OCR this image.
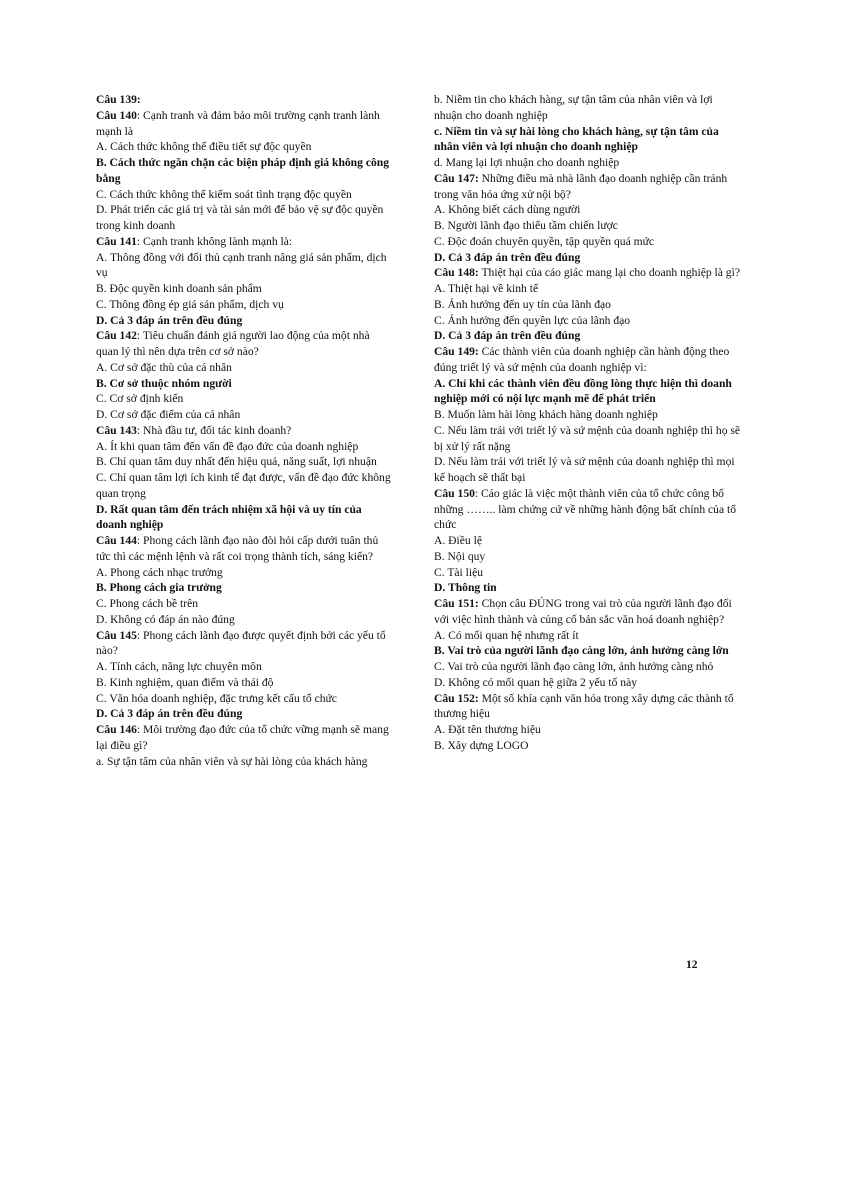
Câu 139:

Câu 140: Cạnh tranh và đảm bảo môi trường cạnh tranh lành mạnh là

A. Cách thức không thể điều tiết sự độc quyền

B. Cách thức ngăn chặn các biện pháp định giá không công bằng

C. Cách thức không thể kiểm soát tình trạng độc quyền

D. Phát triển các giá trị và tài sản mới để bảo vệ sự độc quyền trong kinh doanh

Câu 141: Cạnh tranh không lành mạnh là:

A. Thông đồng với đối thủ cạnh tranh nâng giá sản phẩm, dịch vụ

B. Độc quyền kinh doanh sản phẩm

C. Thông đồng ép giá sản phẩm, dịch vụ

D. Cả 3 đáp án trên đều đúng

Câu 142: Tiêu chuẩn đánh giá người lao động của một nhà quan lý thì nên dựa trên cơ sở nào?

A. Cơ sở đặc thù của cá nhân

B. Cơ sở thuộc nhóm người

C. Cơ sở định kiến

D. Cơ sở đặc điểm của cá nhân

Câu 143: Nhà đầu tư, đối tác kinh doanh?

A. Ít khi quan tâm đến vấn đề đạo đức của doanh nghiệp

B. Chỉ quan tâm duy nhất đến hiệu quả, năng suất, lợi nhuận

C. Chỉ quan tâm lợi ích kinh tế đạt được, vấn đề đạo đức không quan trọng

D. Rất quan tâm đến trách nhiệm xã hội và uy tín của doanh nghiệp

Câu 144: Phong cách lãnh đạo nào đòi hỏi cấp dưới tuân thủ tức thì các mệnh lệnh và rất coi trọng thành tích, sáng kiến?

A. Phong cách nhạc trưởng

B. Phong cách gia trưởng

C. Phong cách bề trên

D. Không có đáp án nào đúng

Câu 145: Phong cách lãnh đạo được quyết định bởi các yếu tố nào?

A. Tính cách, năng lực chuyên môn

B. Kinh nghiệm, quan điểm và thái độ

C. Văn hóa doanh nghiệp, đặc trưng kết cấu tổ chức

D. Cả 3 đáp án trên đều đúng

Câu 146: Môi trường đạo đức của tổ chức vững mạnh sẽ mang lại điều gì?

a. Sự tận tâm của nhân viên và sự hài lòng của khách hàng

b. Niềm tin cho khách hàng, sự tận tâm của nhân viên và lợi nhuận cho doanh nghiệp

c. Niềm tin và sự hài lòng cho khách hàng, sự tận tâm của nhân viên và lợi nhuận cho doanh nghiệp

d. Mang lại lợi nhuận cho doanh nghiệp

Câu 147: Những điều mà nhà lãnh đạo doanh nghiệp cần tránh trong văn hóa ứng xử nội bộ?

A. Không biết cách dùng người

B. Người lãnh đạo thiếu tầm chiến lược

C. Độc đoán chuyên quyền, tập quyền quá mức

D. Cả 3 đáp án trên đều đúng

Câu 148: Thiệt hại của cáo giác mang lại cho doanh nghiệp là gì?

A. Thiệt hại về kinh tế

B. Ảnh hưởng đến uy tín của lãnh đạo

C. Ảnh hưởng đến quyền lực của lãnh đạo

D. Cả 3 đáp án trên đều đúng

Câu 149: Các thành viên của doanh nghiệp cần hành động theo đúng triết lý và sứ mệnh của doanh nghiệp vì:

A. Chỉ khi các thành viên đều đồng lòng thực hiện thì doanh nghiệp mới có nội lực mạnh mẽ để phát triển

B. Muốn làm hài lòng khách hàng doanh nghiệp

C. Nếu làm trái với triết lý và sứ mệnh của doanh nghiệp thì họ sẽ bị xử lý rất nặng

D. Nếu làm trái với triết lý và sứ mệnh của doanh nghiệp thì mọi kế hoạch sẽ thất bại

Câu 150: Cáo giác là việc một thành viên của tổ chức công bố những …….. làm chứng cứ về những hành động bất chính của tổ chức

A. Điều lệ

B. Nội quy

C. Tài liệu

D. Thông tin

Câu 151: Chọn câu ĐÚNG trong vai trò của người lãnh đạo đối với việc hình thành và củng cố bản sắc văn hoá doanh nghiệp?

A. Có mối quan hệ nhưng rất ít

B. Vai trò của người lãnh đạo càng lớn, ảnh hưởng càng lớn

C. Vai trò của người lãnh đạo càng lớn, ảnh hưởng càng nhỏ

D. Không có mối quan hệ giữa 2 yếu tố này

Câu 152: Một số khía cạnh văn hóa trong xây dựng các thành tố thương hiệu

A. Đặt tên thương hiệu

B. Xây dựng LOGO

12
